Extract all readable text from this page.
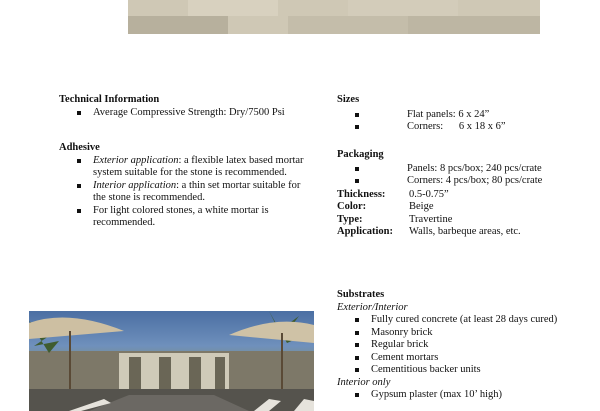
Technical Information
Average Compressive Strength: Dry/7500 Psi
Adhesive
Exterior application: a flexible latex based mortar system suitable for the stone is recommended.
Interior application: a thin set mortar suitable for the stone is recommended.
For light colored stones, a white mortar is recommended.
Sizes
Flat panels: 6 x 24”
Corners:      6 x 18 x 6”
Packaging
Panels: 8 pcs/box; 240 pcs/crate
Corners: 4 pcs/box; 80 pcs/crate
Thickness:	0.5-0.75”
Color:	Beige
Type:	Travertine
Application:	Walls, barbeque areas, etc.
Substrates
Exterior/Interior
Fully cured concrete (at least 28 days cured)
Masonry brick
Regular brick
Cement mortars
Cementitious backer units
Interior only
Gypsum plaster (max 10’ high)
